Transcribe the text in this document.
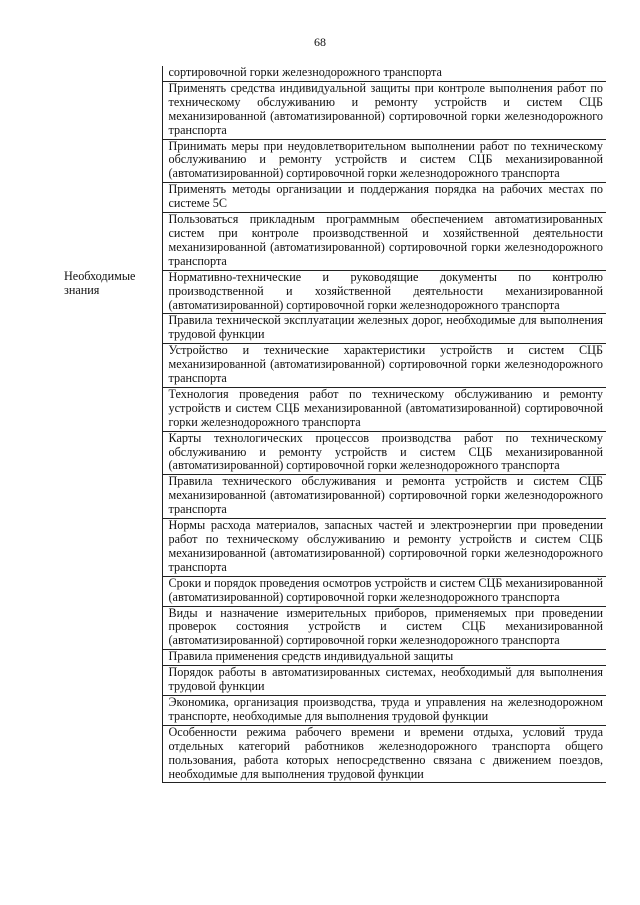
68
	сортировочной горки железнодорожного транспорта
	Применять средства индивидуальной защиты при контроле выполнения работ по техническому обслуживанию и ремонту устройств и систем СЦБ механизированной (автоматизированной) сортировочной горки железнодорожного транспорта
	Принимать меры при неудовлетворительном выполнении работ по техническому обслуживанию и ремонту устройств и систем СЦБ механизированной (автоматизированной) сортировочной горки железнодорожного транспорта
	Применять методы организации и поддержания порядка на рабочих местах по системе 5С
	Пользоваться прикладным программным обеспечением автоматизированных систем при контроле производственной и хозяйственной деятельности механизированной (автоматизированной) сортировочной горки железнодорожного транспорта
Необходимые знания	Нормативно-технические и руководящие документы по контролю производственной и хозяйственной деятельности механизированной (автоматизированной) сортировочной горки железнодорожного транспорта
	Правила технической эксплуатации железных дорог, необходимые для выполнения трудовой функции
	Устройство и технические характеристики устройств и систем СЦБ механизированной (автоматизированной) сортировочной горки железнодорожного транспорта
	Технология проведения работ по техническому обслуживанию и ремонту устройств и систем СЦБ механизированной (автоматизированной) сортировочной горки железнодорожного транспорта
	Карты технологических процессов производства работ по техническому обслуживанию и ремонту устройств и систем СЦБ механизированной (автоматизированной) сортировочной горки железнодорожного транспорта
	Правила технического обслуживания и ремонта устройств и систем СЦБ механизированной (автоматизированной) сортировочной горки железнодорожного транспорта
	Нормы расхода материалов, запасных частей и электроэнергии при проведении работ по техническому обслуживанию и ремонту устройств и систем СЦБ механизированной (автоматизированной) сортировочной горки железнодорожного транспорта
	Сроки и порядок проведения осмотров устройств и систем СЦБ механизированной (автоматизированной) сортировочной горки железнодорожного транспорта
	Виды и назначение измерительных приборов, применяемых при проведении проверок состояния устройств и систем СЦБ механизированной (автоматизированной) сортировочной горки железнодорожного транспорта
	Правила применения средств индивидуальной защиты
	Порядок работы в автоматизированных системах, необходимый для выполнения трудовой функции
	Экономика, организация производства, труда и управления на железнодорожном транспорте, необходимые для выполнения трудовой функции
	Особенности режима рабочего времени и времени отдыха, условий труда отдельных категорий работников железнодорожного транспорта общего пользования, работа которых непосредственно связана с движением поездов, необходимые для выполнения трудовой функции
